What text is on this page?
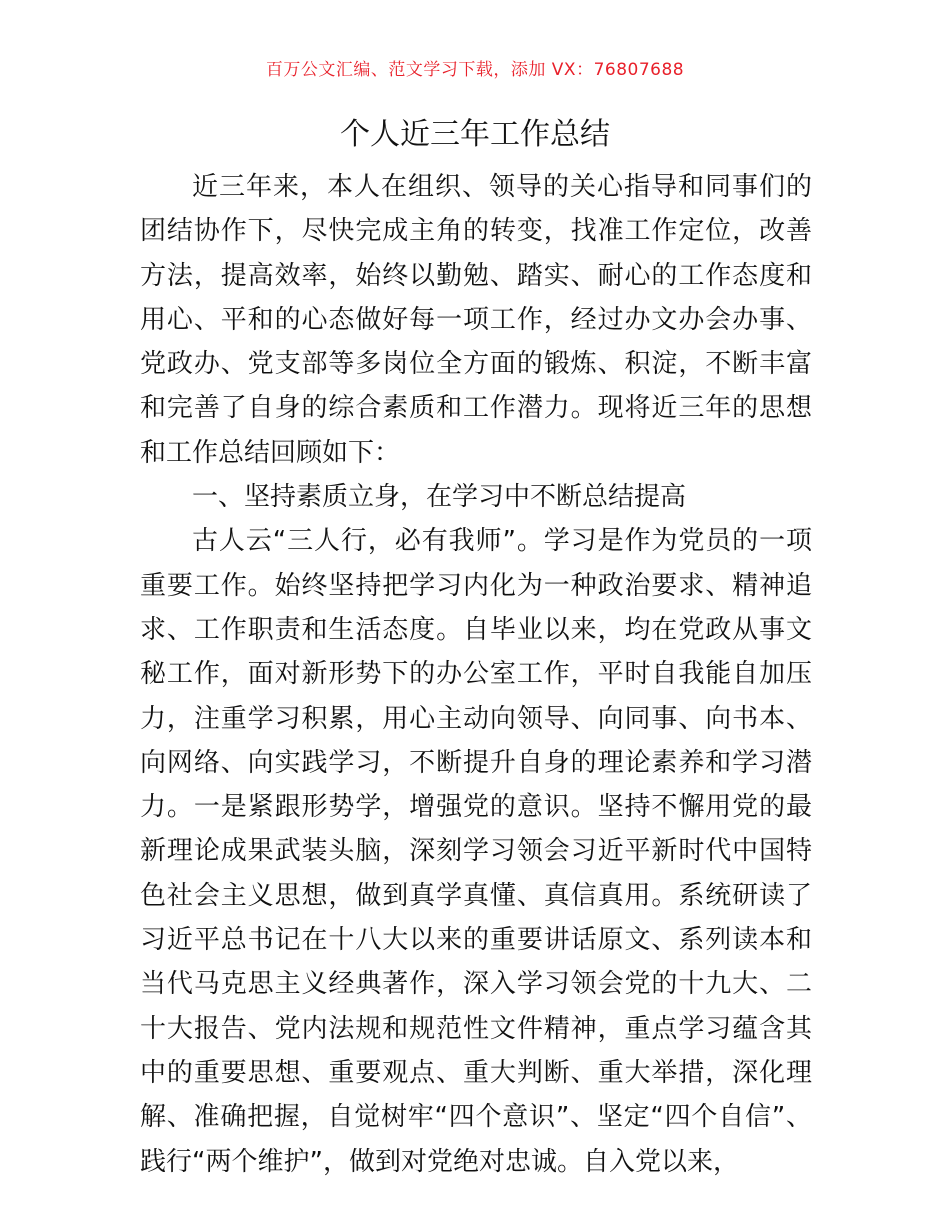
百万公文汇编、范文学习下载，添加 VX：76807688
个人近三年工作总结

近三年来，本人在组织、领导的关心指导和同事们的团结协作下，尽快完成主角的转变，找准工作定位，改善方法，提高效率，始终以勤勉、踏实、耐心的工作态度和用心、平和的心态做好每一项工作，经过办文办会办事、党政办、党支部等多岗位全方面的锻炼、积淀，不断丰富和完善了自身的综合素质和工作潜力。现将近三年的思想和工作总结回顾如下：

一、坚持素质立身，在学习中不断总结提高

古人云“三人行，必有我师”。学习是作为党员的一项重要工作。始终坚持把学习内化为一种政治要求、精神追求、工作职责和生活态度。自毕业以来，均在党政从事文秘工作，面对新形势下的办公室工作，平时自我能自加压力，注重学习积累，用心主动向领导、向同事、向书本、向网络、向实践学习，不断提升自身的理论素养和学习潜力。一是紧跟形势学，增强党的意识。坚持不懈用党的最新理论成果武装头脑，深刻学习领会习近平新时代中国特色社会主义思想，做到真学真懂、真信真用。系统研读了习近平总书记在十八大以来的重要讲话原文、系列读本和当代马克思主义经典著作，深入学习领会党的十九大、二十大报告、党内法规和规范性文件精神，重点学习蕴含其中的重要思想、重要观点、重大判断、重大举措，深化理解、准确把握，自觉树牢“四个意识”、坚定“四个自信”、践行“两个维护”，做到对党绝对忠诚。自入党以来，
